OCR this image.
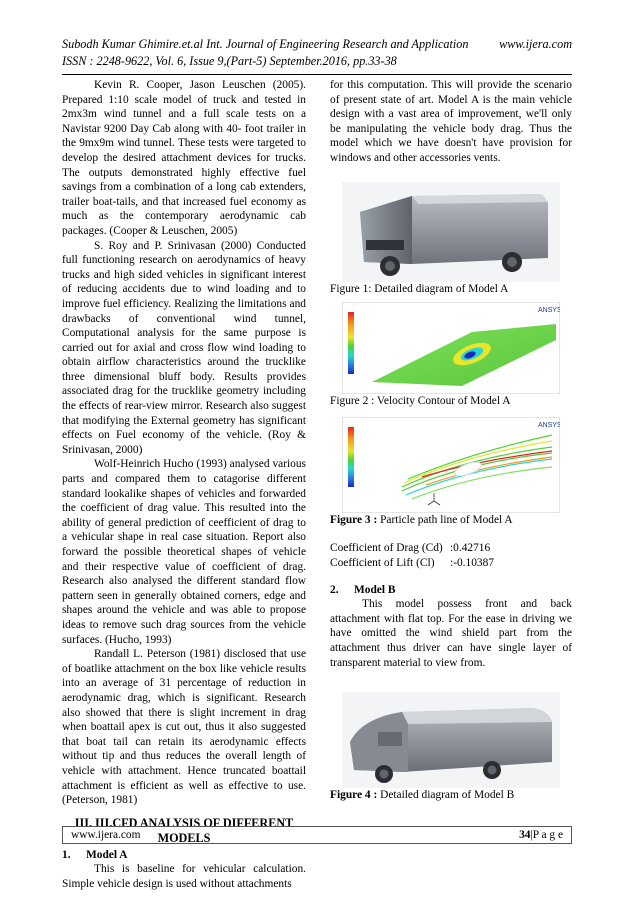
Subodh Kumar Ghimire.et.al Int. Journal of Engineering Research and Application	www.ijera.com
ISSN : 2248-9622, Vol. 6, Issue 9,(Part-5) September.2016, pp.33-38

Kevin R. Cooper, Jason Leuschen (2005). Prepared 1:10 scale model of truck and tested in 2mx3m wind tunnel and a full scale tests on a Navistar 9200 Day Cab along with 40- foot trailer in the 9mx9m wind tunnel. These tests were targeted to develop the desired attachment devices for trucks. The outputs demonstrated highly effective fuel savings from a combination of a long cab extenders, trailer boat-tails, and that increased fuel economy as much as the contemporary aerodynamic cab packages. (Cooper & Leuschen, 2005)

S. Roy and P. Srinivasan (2000) Conducted full functioning research on aerodynamics of heavy trucks and high sided vehicles in significant interest of reducing accidents due to wind loading and to improve fuel efficiency. Realizing the limitations and drawbacks of conventional wind tunnel, Computational analysis for the same purpose is carried out for axial and cross flow wind loading to obtain airflow characteristics around the trucklike three dimensional bluff body. Results provides associated drag for the trucklike geometry including the effects of rear-view mirror. Research also suggest that modifying the External geometry has significant effects on Fuel economy of the vehicle. (Roy & Srinivasan, 2000)

Wolf-Heinrich Hucho (1993) analysed various parts and compared them to catagorise different standard lookalike shapes of vehicles and forwarded the coefficient of drag value. This resulted into the ability of general prediction of ceefficient of drag to a vehicular shape in real case situation. Report also forward the possible theoretical shapes of vehicle and their respective value of coefficient of drag. Research also analysed the different standard flow pattern seen in generally obtained corners, edge and shapes around the vehicle and was able to propose ideas to remove such drag sources from the vehicle surfaces. (Hucho, 1993)

Randall L. Peterson (1981) disclosed that use of boatlike attachment on the box like vehicle results into an average of 31 percentage of reduction in aerodynamic drag, which is significant. Research also showed that there is slight increment in drag when boattail apex is cut out, thus it also suggested that boat tail can retain its aerodynamic effects without tip and thus reduces the overall length of vehicle with attachment. Hence truncated boattail attachment is efficient as well as effective to use. (Peterson, 1981)

III. III.CFD ANALYSIS OF DIFFERENT MODELS

1. Model A

This is baseline for vehicular calculation. Simple vehicle design is used without attachments

for this computation. This will provide the scenario of present state of art. Model A is the main vehicle design with a vast area of improvement, we'll only be manipulating the vehicle body drag. Thus the model which we have doesn't have provision for windows and other accessories vents.

Figure 1: Detailed diagram of Model A

ANSYS

Figure 2 : Velocity Contour of Model A

ANSYS

Figure 3 : Particle path line of Model A

Coefficient of Drag (Cd) :0.42716
Coefficient of Lift (Cl)	:-0.10387

2. Model B

This model possess front and back attachment with flat top. For the ease in driving we have omitted the wind shield part from the attachment thus driver can have single layer of transparent material to view from.

Figure 4 : Detailed diagram of Model B

www.ijera.com	34|P a g e
